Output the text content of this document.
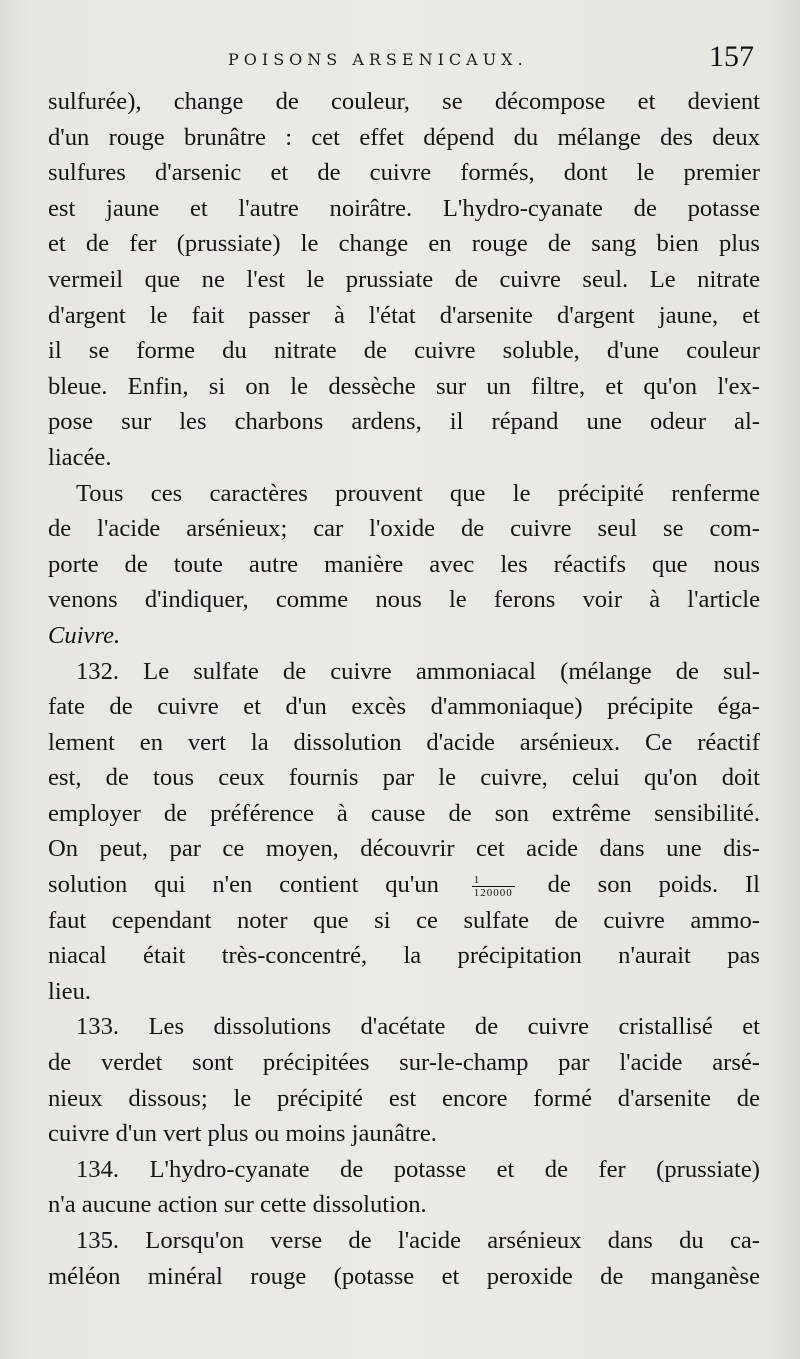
POISONS ARSENICAUX.	157
sulfurée), change de couleur, se décompose et devient
d'un rouge brunâtre : cet effet dépend du mélange des deux
sulfures d'arsenic et de cuivre formés, dont le premier
est jaune et l'autre noirâtre. L'hydro-cyanate de potasse
et de fer (prussiate) le change en rouge de sang bien plus
vermeil que ne l'est le prussiate de cuivre seul. Le nitrate
d'argent le fait passer à l'état d'arsenite d'argent jaune, et
il se forme du nitrate de cuivre soluble, d'une couleur
bleue. Enfin, si on le dessèche sur un filtre, et qu'on l'ex-
pose sur les charbons ardens, il répand une odeur al-
liacée.
Tous ces caractères prouvent que le précipité renferme
de l'acide arsénieux; car l'oxide de cuivre seul se com-
porte de toute autre manière avec les réactifs que nous
venons d'indiquer, comme nous le ferons voir à l'article
Cuivre.
132. Le sulfate de cuivre ammoniacal (mélange de sul-
fate de cuivre et d'un excès d'ammoniaque) précipite éga-
lement en vert la dissolution d'acide arsénieux. Ce réactif
est, de tous ceux fournis par le cuivre, celui qu'on doit
employer de préférence à cause de son extrême sensibilité.
On peut, par ce moyen, découvrir cet acide dans une dis-
solution qui n'en contient qu'un	$\frac{1}{120000}$ de son poids. Il
faut cependant noter que si ce sulfate de cuivre ammo-
niacal était très-concentré, la précipitation n'aurait pas
lieu.
133. Les dissolutions d'acétate de cuivre cristallisé et
de verdet sont précipitées sur-le-champ par l'acide arsé-
nieux dissous; le précipité est encore formé d'arsenite de
cuivre d'un vert plus ou moins jaunâtre.
134. L'hydro-cyanate de potasse et de fer (prussiate)
n'a aucune action sur cette dissolution.
135. Lorsqu'on verse de l'acide arsénieux dans du ca-
méléon minéral rouge (potasse et peroxide de manganèse
